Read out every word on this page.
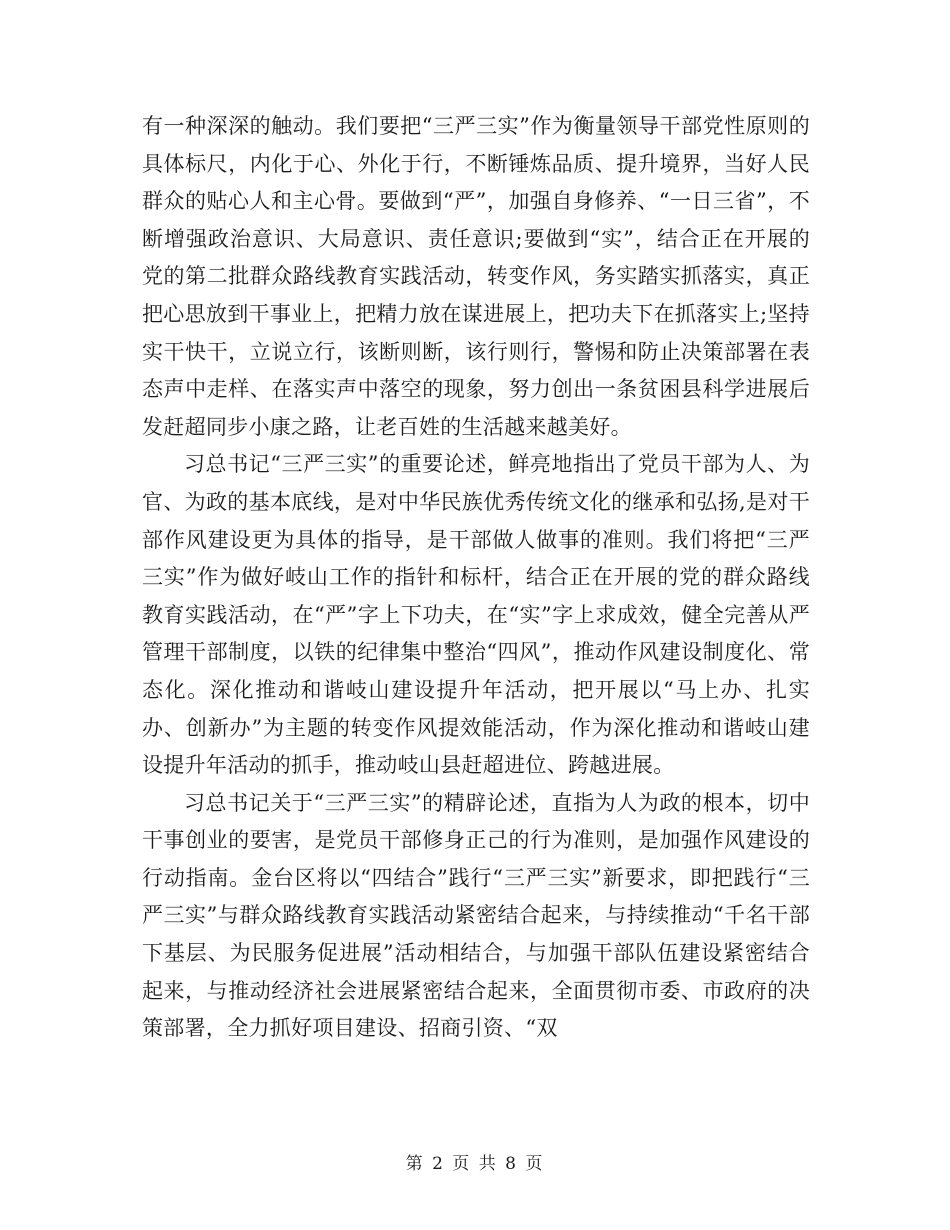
有一种深深的触动。我们要把“三严三实”作为衡量领导干部党性原则的具体标尺，内化于心、外化于行，不断锤炼品质、提升境界，当好人民群众的贴心人和主心骨。要做到“严”，加强自身修养、“一日三省”，不断增强政治意识、大局意识、责任意识;要做到“实”，结合正在开展的党的第二批群众路线教育实践活动，转变作风，务实踏实抓落实，真正把心思放到干事业上，把精力放在谋进展上，把功夫下在抓落实上;坚持实干快干，立说立行，该断则断，该行则行，警惕和防止决策部署在表态声中走样、在落实声中落空的现象，努力创出一条贫困县科学进展后发赶超同步小康之路，让老百姓的生活越来越美好。

习总书记“三严三实”的重要论述，鲜亮地指出了党员干部为人、为官、为政的基本底线，是对中华民族优秀传统文化的继承和弘扬,是对干部作风建设更为具体的指导，是干部做人做事的准则。我们将把“三严三实”作为做好岐山工作的指针和标杆，结合正在开展的党的群众路线教育实践活动，在“严”字上下功夫，在“实”字上求成效，健全完善从严管理干部制度，以铁的纪律集中整治“四风”，推动作风建设制度化、常态化。深化推动和谐岐山建设提升年活动，把开展以“马上办、扎实办、创新办”为主题的转变作风提效能活动，作为深化推动和谐岐山建设提升年活动的抓手，推动岐山县赶超进位、跨越进展。

习总书记关于“三严三实”的精辟论述，直指为人为政的根本，切中干事创业的要害，是党员干部修身正己的行为准则，是加强作风建设的行动指南。金台区将以“四结合”践行“三严三实”新要求，即把践行“三严三实”与群众路线教育实践活动紧密结合起来，与持续推动“千名干部下基层、为民服务促进展”活动相结合，与加强干部队伍建设紧密结合起来，与推动经济社会进展紧密结合起来，全面贯彻市委、市政府的决策部署，全力抓好项目建设、招商引资、“双

第 2 页 共 8 页
